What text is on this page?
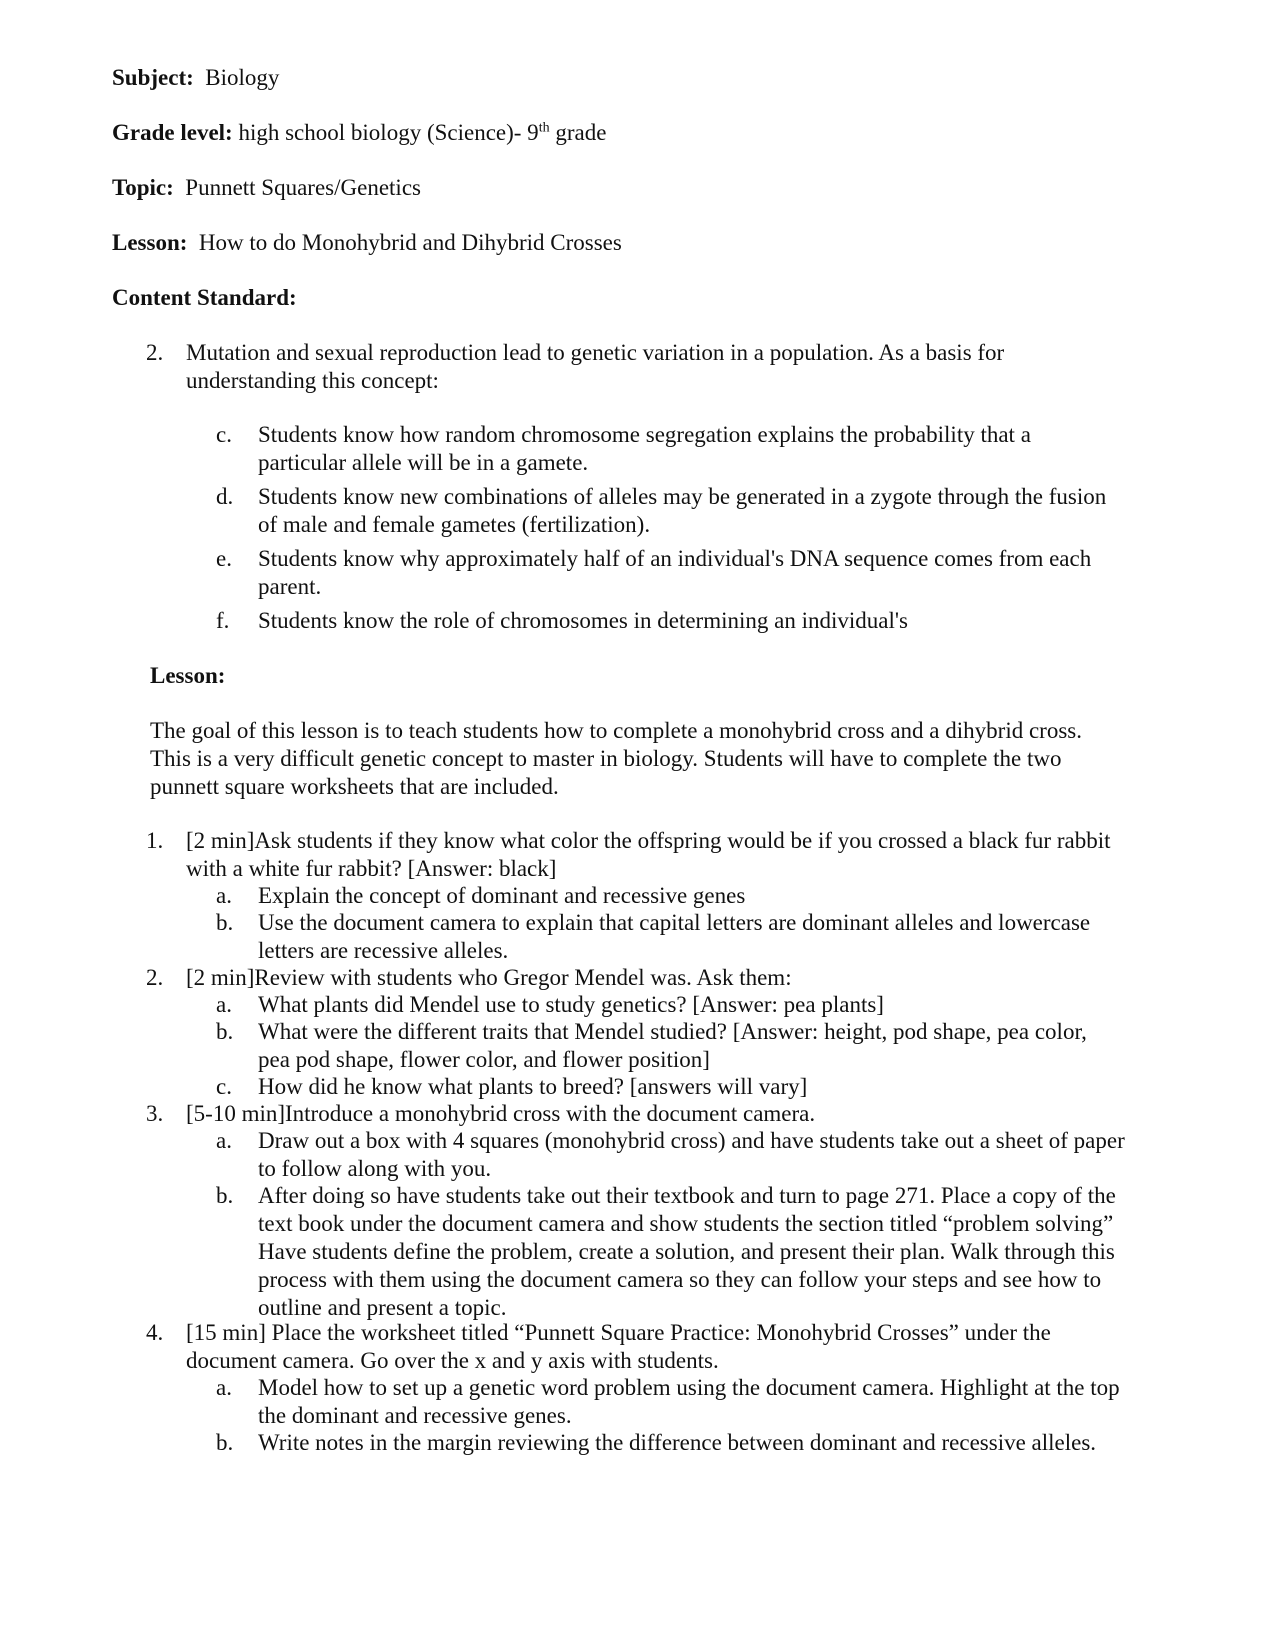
Subject: Biology
Grade level: high school biology (Science)- 9th grade
Topic: Punnett Squares/Genetics
Lesson: How to do Monohybrid and Dihybrid Crosses
Content Standard:
2. Mutation and sexual reproduction lead to genetic variation in a population. As a basis for understanding this concept:
c. Students know how random chromosome segregation explains the probability that a particular allele will be in a gamete.
d. Students know new combinations of alleles may be generated in a zygote through the fusion of male and female gametes (fertilization).
e. Students know why approximately half of an individual's DNA sequence comes from each parent.
f. Students know the role of chromosomes in determining an individual's
Lesson:
The goal of this lesson is to teach students how to complete a monohybrid cross and a dihybrid cross. This is a very difficult genetic concept to master in biology. Students will have to complete the two punnett square worksheets that are included.
1. [2 min]Ask students if they know what color the offspring would be if you crossed a black fur rabbit with a white fur rabbit? [Answer: black]
a. Explain the concept of dominant and recessive genes
b. Use the document camera to explain that capital letters are dominant alleles and lowercase letters are recessive alleles.
2. [2 min]Review with students who Gregor Mendel was. Ask them:
a. What plants did Mendel use to study genetics? [Answer: pea plants]
b. What were the different traits that Mendel studied? [Answer: height, pod shape, pea color, pea pod shape, flower color, and flower position]
c. How did he know what plants to breed? [answers will vary]
3. [5-10 min]Introduce a monohybrid cross with the document camera.
a. Draw out a box with 4 squares (monohybrid cross) and have students take out a sheet of paper to follow along with you.
b. After doing so have students take out their textbook and turn to page 271. Place a copy of the text book under the document camera and show students the section titled “problem solving” Have students define the problem, create a solution, and present their plan. Walk through this process with them using the document camera so they can follow your steps and see how to outline and present a topic.
4. [15 min] Place the worksheet titled “Punnett Square Practice: Monohybrid Crosses” under the document camera. Go over the x and y axis with students.
a. Model how to set up a genetic word problem using the document camera. Highlight at the top the dominant and recessive genes.
b. Write notes in the margin reviewing the difference between dominant and recessive alleles.
